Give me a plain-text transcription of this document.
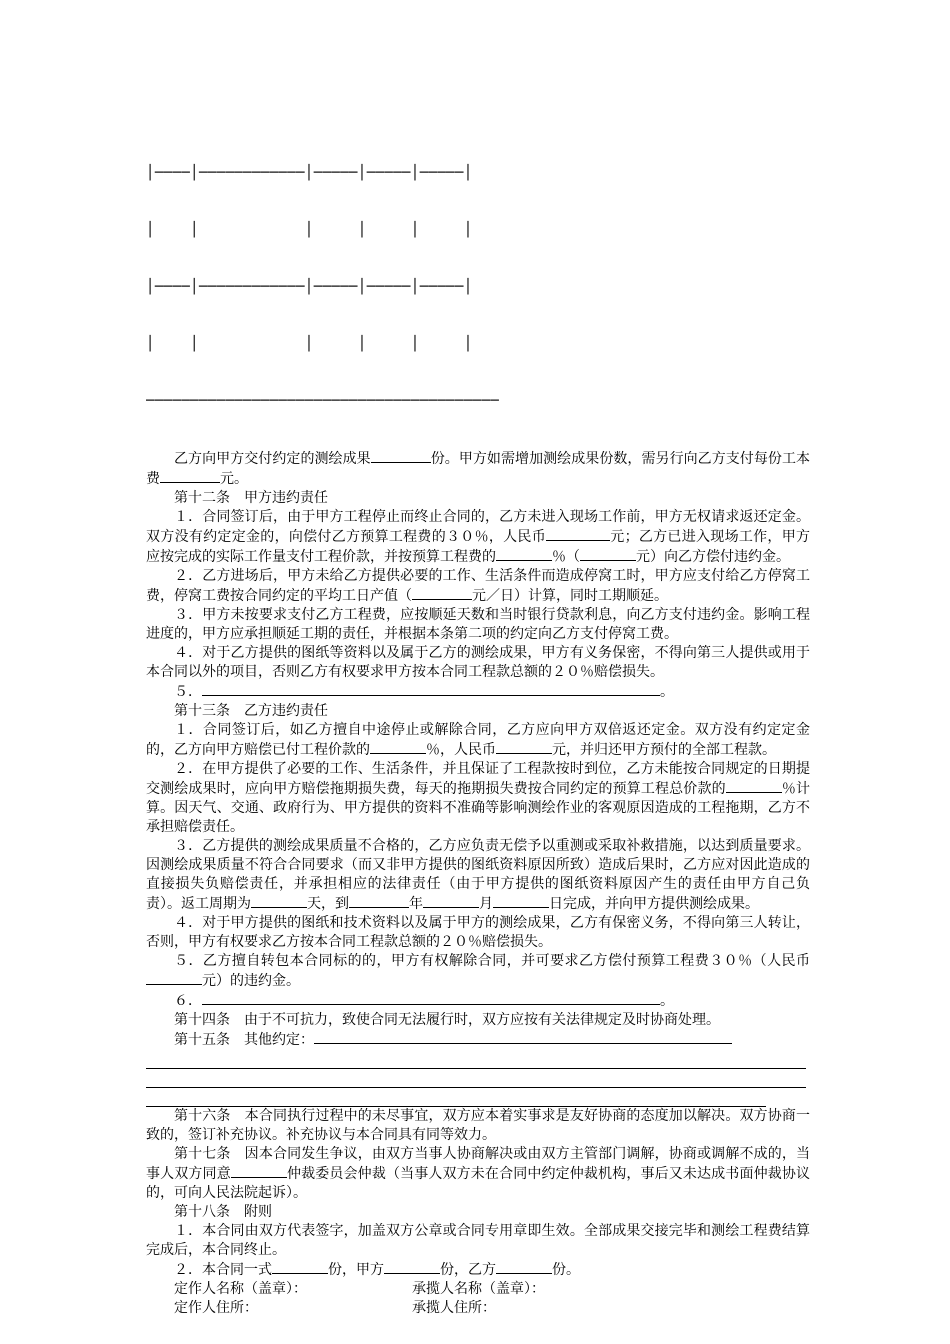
│────│────────────│─────│─────│─────│

│    │            │     │     │     │

│────│────────────│─────│─────│─────│

│    │            │     │     │     │

────────────────────────────────────────

乙方向甲方交付约定的测绘成果	份。甲方如需增加测绘成果份数，需另行向乙方支付每份工本费	元。

第十二条　甲方违约责任

１．合同签订后，由于甲方工程停止而终止合同的，乙方未进入现场工作前，甲方无权请求返还定金。双方没有约定定金的，向偿付乙方预算工程费的３０％，人民币	元；乙方已进入现场工作，甲方应按完成的实际工作量支付工程价款，并按预算工程费的	％（	元）向乙方偿付违约金。

２．乙方进场后，甲方未给乙方提供必要的工作、生活条件而造成停窝工时，甲方应支付给乙方停窝工费，停窝工费按合同约定的平均工日产值（	元／日）计算，同时工期顺延。

３．甲方未按要求支付乙方工程费，应按顺延天数和当时银行贷款利息，向乙方支付违约金。影响工程进度的，甲方应承担顺延工期的责任，并根据本条第二项的约定向乙方支付停窝工费。

４．对于乙方提供的图纸等资料以及属于乙方的测绘成果，甲方有义务保密，不得向第三人提供或用于本合同以外的项目，否则乙方有权要求甲方按本合同工程款总额的２０％赔偿损失。

５．	。

第十三条　乙方违约责任

１．合同签订后，如乙方擅自中途停止或解除合同，乙方应向甲方双倍返还定金。双方没有约定定金的，乙方向甲方赔偿已付工程价款的	％，人民币	元，并归还甲方预付的全部工程款。

２．在甲方提供了必要的工作、生活条件，并且保证了工程款按时到位，乙方未能按合同规定的日期提交测绘成果时，应向甲方赔偿拖期损失费，每天的拖期损失费按合同约定的预算工程总价款的	％计算。因天气、交通、政府行为、甲方提供的资料不准确等影响测绘作业的客观原因造成的工程拖期，乙方不承担赔偿责任。

３．乙方提供的测绘成果质量不合格的，乙方应负责无偿予以重测或采取补救措施，以达到质量要求。因测绘成果质量不符合合同要求（而又非甲方提供的图纸资料原因所致）造成后果时，乙方应对因此造成的直接损失负赔偿责任，并承担相应的法律责任（由于甲方提供的图纸资料原因产生的责任由甲方自己负责）。返工周期为	天，到	年	月	日完成，并向甲方提供测绘成果。

４．对于甲方提供的图纸和技术资料以及属于甲方的测绘成果，乙方有保密义务，不得向第三人转让，否则，甲方有权要求乙方按本合同工程款总额的２０％赔偿损失。

５．乙方擅自转包本合同标的的，甲方有权解除合同，并可要求乙方偿付预算工程费３０％（人民币元）的违约金。

６．	。

第十四条　由于不可抗力，致使合同无法履行时，双方应按有关法律规定及时协商处理。

第十五条　其他约定：

第十六条　本合同执行过程中的未尽事宜，双方应本着实事求是友好协商的态度加以解决。双方协商一致的，签订补充协议。补充协议与本合同具有同等效力。

第十七条　因本合同发生争议，由双方当事人协商解决或由双方主管部门调解，协商或调解不成的，当事人双方同意	仲裁委员会仲裁（当事人双方未在合同中约定仲裁机构，事后又未达成书面仲裁协议的，可向人民法院起诉）。

第十八条　附则

１．本合同由双方代表签字，加盖双方公章或合同专用章即生效。全部成果交接完毕和测绘工程费结算完成后，本合同终止。

２．本合同一式	份，甲方	份，乙方	份。

定作人名称（盖章）：	承揽人名称（盖章）：
定作人住所：	承揽人住所：
